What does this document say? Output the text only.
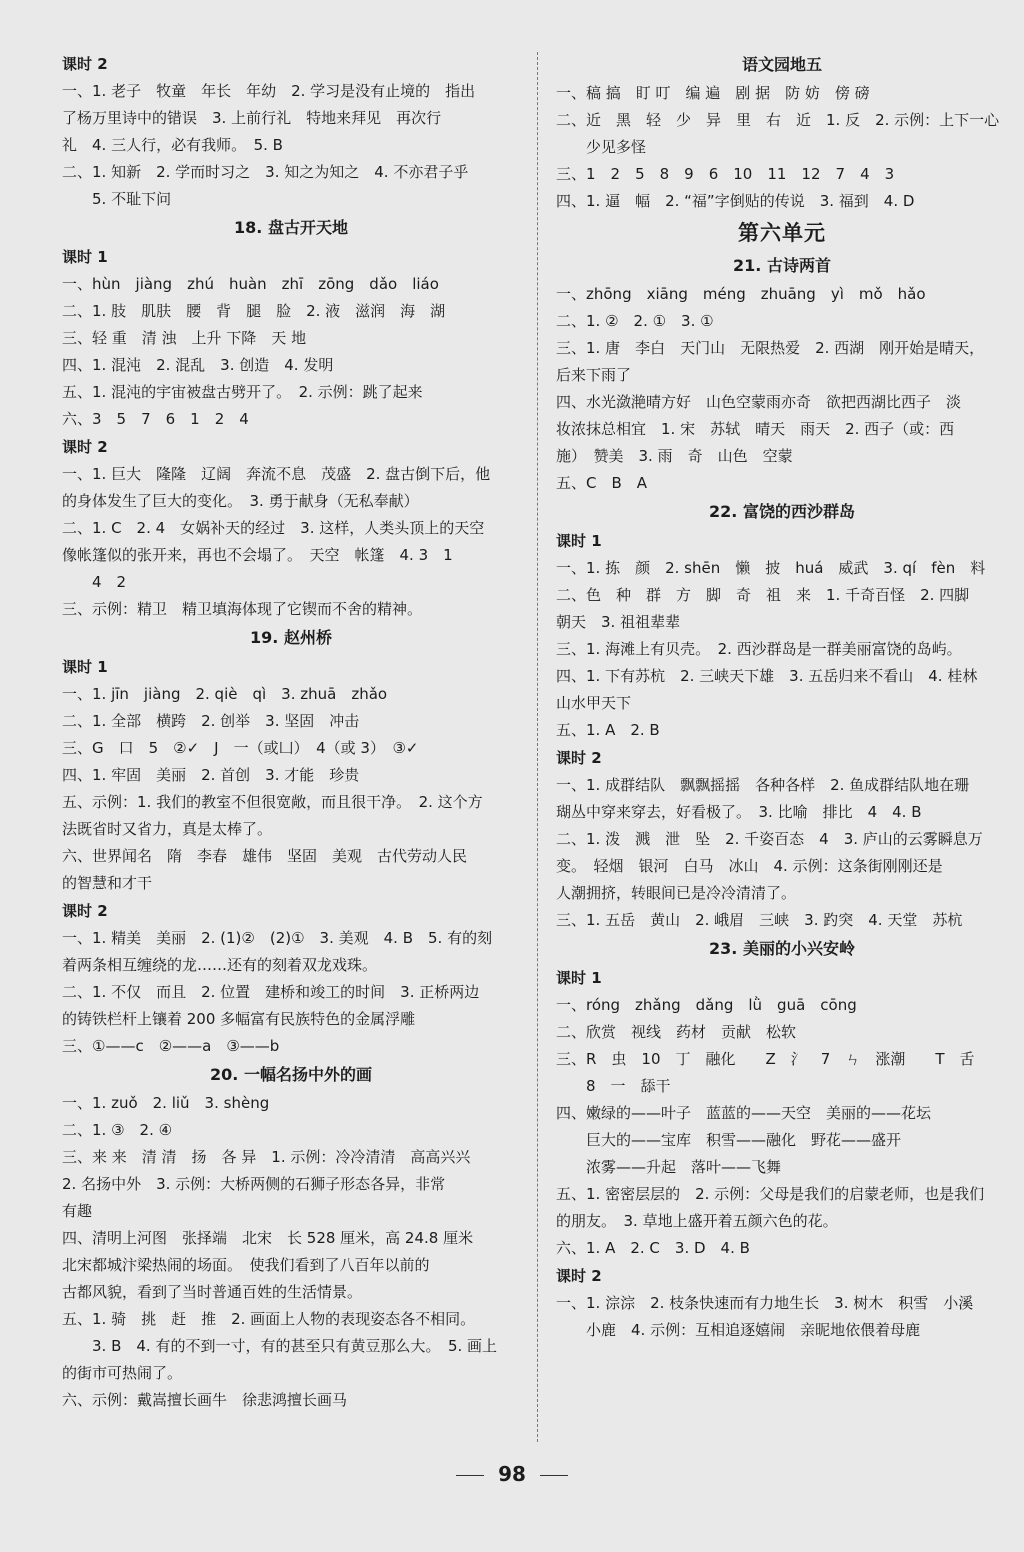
课时 2
一、1. 老子　牧童　年长　年幼　2. 学习是没有止境的　指出
了杨万里诗中的错误　3. 上前行礼　特地来拜见　再次行
礼　4. 三人行，必有我师。　5. B
二、1. 知新　2. 学而时习之　3. 知之为知之　4. 不亦君子乎
5. 不耻下问
18. 盘古开天地
课时 1
一、hùn　jiàng　zhú　huàn　zhī　zōng　dǎo　liáo
二、1. 肢　肌肤　腰　背　腿　脸　2. 液　滋润　海　湖
三、轻 重　清 浊　上升 下降　天 地
四、1. 混沌　2. 混乱　3. 创造　4. 发明
五、1. 混沌的宇宙被盘古劈开了。　2. 示例：跳了起来
六、3　5　7　6　1　2　4
课时 2
一、1. 巨大　隆隆　辽阔　奔流不息　茂盛　2. 盘古倒下后，他
的身体发生了巨大的变化。　3. 勇于献身（无私奉献）
二、1. C　2. 4　女娲补天的经过　3. 这样，人类头顶上的天空
像帐篷似的张开来，再也不会塌了。　天空　帐篷　4. 3　1
4　2
三、示例：精卫　精卫填海体现了它锲而不舍的精神。
19. 赵州桥
课时 1
一、1. jīn　jiàng　2. qiè　qì　3. zhuā　zhǎo
二、1. 全部　横跨　2. 创举　3. 坚固　冲击
三、G　口　5　②✓　J　一（或凵）　4（或 3）　③✓
四、1. 牢固　美丽　2. 首创　3. 才能　珍贵
五、示例：1. 我们的教室不但很宽敞，而且很干净。　2. 这个方
法既省时又省力，真是太棒了。
六、世界闻名　隋　李春　雄伟　坚固　美观　古代劳动人民
的智慧和才干
课时 2
一、1. 精美　美丽　2. (1)②　(2)①　3. 美观　4. B　5. 有的刻
着两条相互缠绕的龙……还有的刻着双龙戏珠。
二、1. 不仅　而且　2. 位置　建桥和竣工的时间　3. 正桥两边
的铸铁栏杆上镶着 200 多幅富有民族特色的金属浮雕
三、①——c　②——a　③——b
20. 一幅名扬中外的画
一、1. zuǒ　2. liǔ　3. shèng
二、1. ③　2. ④
三、来 来　清 清　扬　各 异　1. 示例：冷冷清清　高高兴兴
2. 名扬中外　3. 示例：大桥两侧的石狮子形态各异，非常
有趣
四、清明上河图　张择端　北宋　长 528 厘米，高 24.8 厘米
北宋都城汴梁热闹的场面。　使我们看到了八百年以前的
古都风貌，看到了当时普通百姓的生活情景。
五、1. 骑　挑　赶　推　2. 画面上人物的表现姿态各不相同。
3. B　4. 有的不到一寸，有的甚至只有黄豆那么大。　5. 画上
的街市可热闹了。
六、示例：戴嵩擅长画牛　徐悲鸿擅长画马
语文园地五
一、稿 搞　盯 叮　编 遍　剧 据　防 妨　傍 磅
二、近　黑　轻　少　异　里　右　近　1. 反　2. 示例：上下一心
少见多怪
三、1　2　5　8　9　6　10　11　12　7　4　3
四、1. 逼　幅　2. “福”字倒贴的传说　3. 福到　4. D
第六单元
21. 古诗两首
一、zhōng　xiāng　méng　zhuāng　yì　mǒ　hǎo
二、1. ②　2. ①　3. ①
三、1. 唐　李白　天门山　无限热爱　2. 西湖　刚开始是晴天，
后来下雨了
四、水光潋滟晴方好　山色空蒙雨亦奇　欲把西湖比西子　淡
妆浓抹总相宜　1. 宋　苏轼　晴天　雨天　2. 西子（或：西
施）　赞美　3. 雨　奇　山色　空蒙
五、C　B　A
22. 富饶的西沙群岛
课时 1
一、1. 拣　颜　2. shēn　懒　披　huá　威武　3. qí　fèn　料
二、色　种　群　方　脚　奇　祖　来　1. 千奇百怪　2. 四脚
朝天　3. 祖祖辈辈
三、1. 海滩上有贝壳。　2. 西沙群岛是一群美丽富饶的岛屿。
四、1. 下有苏杭　2. 三峡天下雄　3. 五岳归来不看山　4. 桂林
山水甲天下
五、1. A　2. B
课时 2
一、1. 成群结队　飘飘摇摇　各种各样　2. 鱼成群结队地在珊
瑚丛中穿来穿去，好看极了。　3. 比喻　排比　4　4. B
二、1. 泼　溅　泄　坠　2. 千姿百态　4　3. 庐山的云雾瞬息万
变。　轻烟　银河　白马　冰山　4. 示例：这条街刚刚还是
人潮拥挤，转眼间已是冷冷清清了。
三、1. 五岳　黄山　2. 峨眉　三峡　3. 趵突　4. 天堂　苏杭
23. 美丽的小兴安岭
课时 1
一、róng　zhǎng　dǎng　lǜ　guā　cōng
二、欣赏　视线　药材　贡献　松软
三、R　虫　10　丁　融化　　Z　氵　7　ㄣ　涨潮　　T　舌
8　一　舔干
四、嫩绿的——叶子　蓝蓝的——天空　美丽的——花坛
巨大的——宝库　积雪——融化　野花——盛开
浓雾——升起　落叶——飞舞
五、1. 密密层层的　2. 示例：父母是我们的启蒙老师，也是我们
的朋友。　3. 草地上盛开着五颜六色的花。
六、1. A　2. C　3. D　4. B
课时 2
一、1. 淙淙　2. 枝条快速而有力地生长　3. 树木　积雪　小溪
小鹿　4. 示例：互相追逐嬉闹　亲昵地依偎着母鹿
98
